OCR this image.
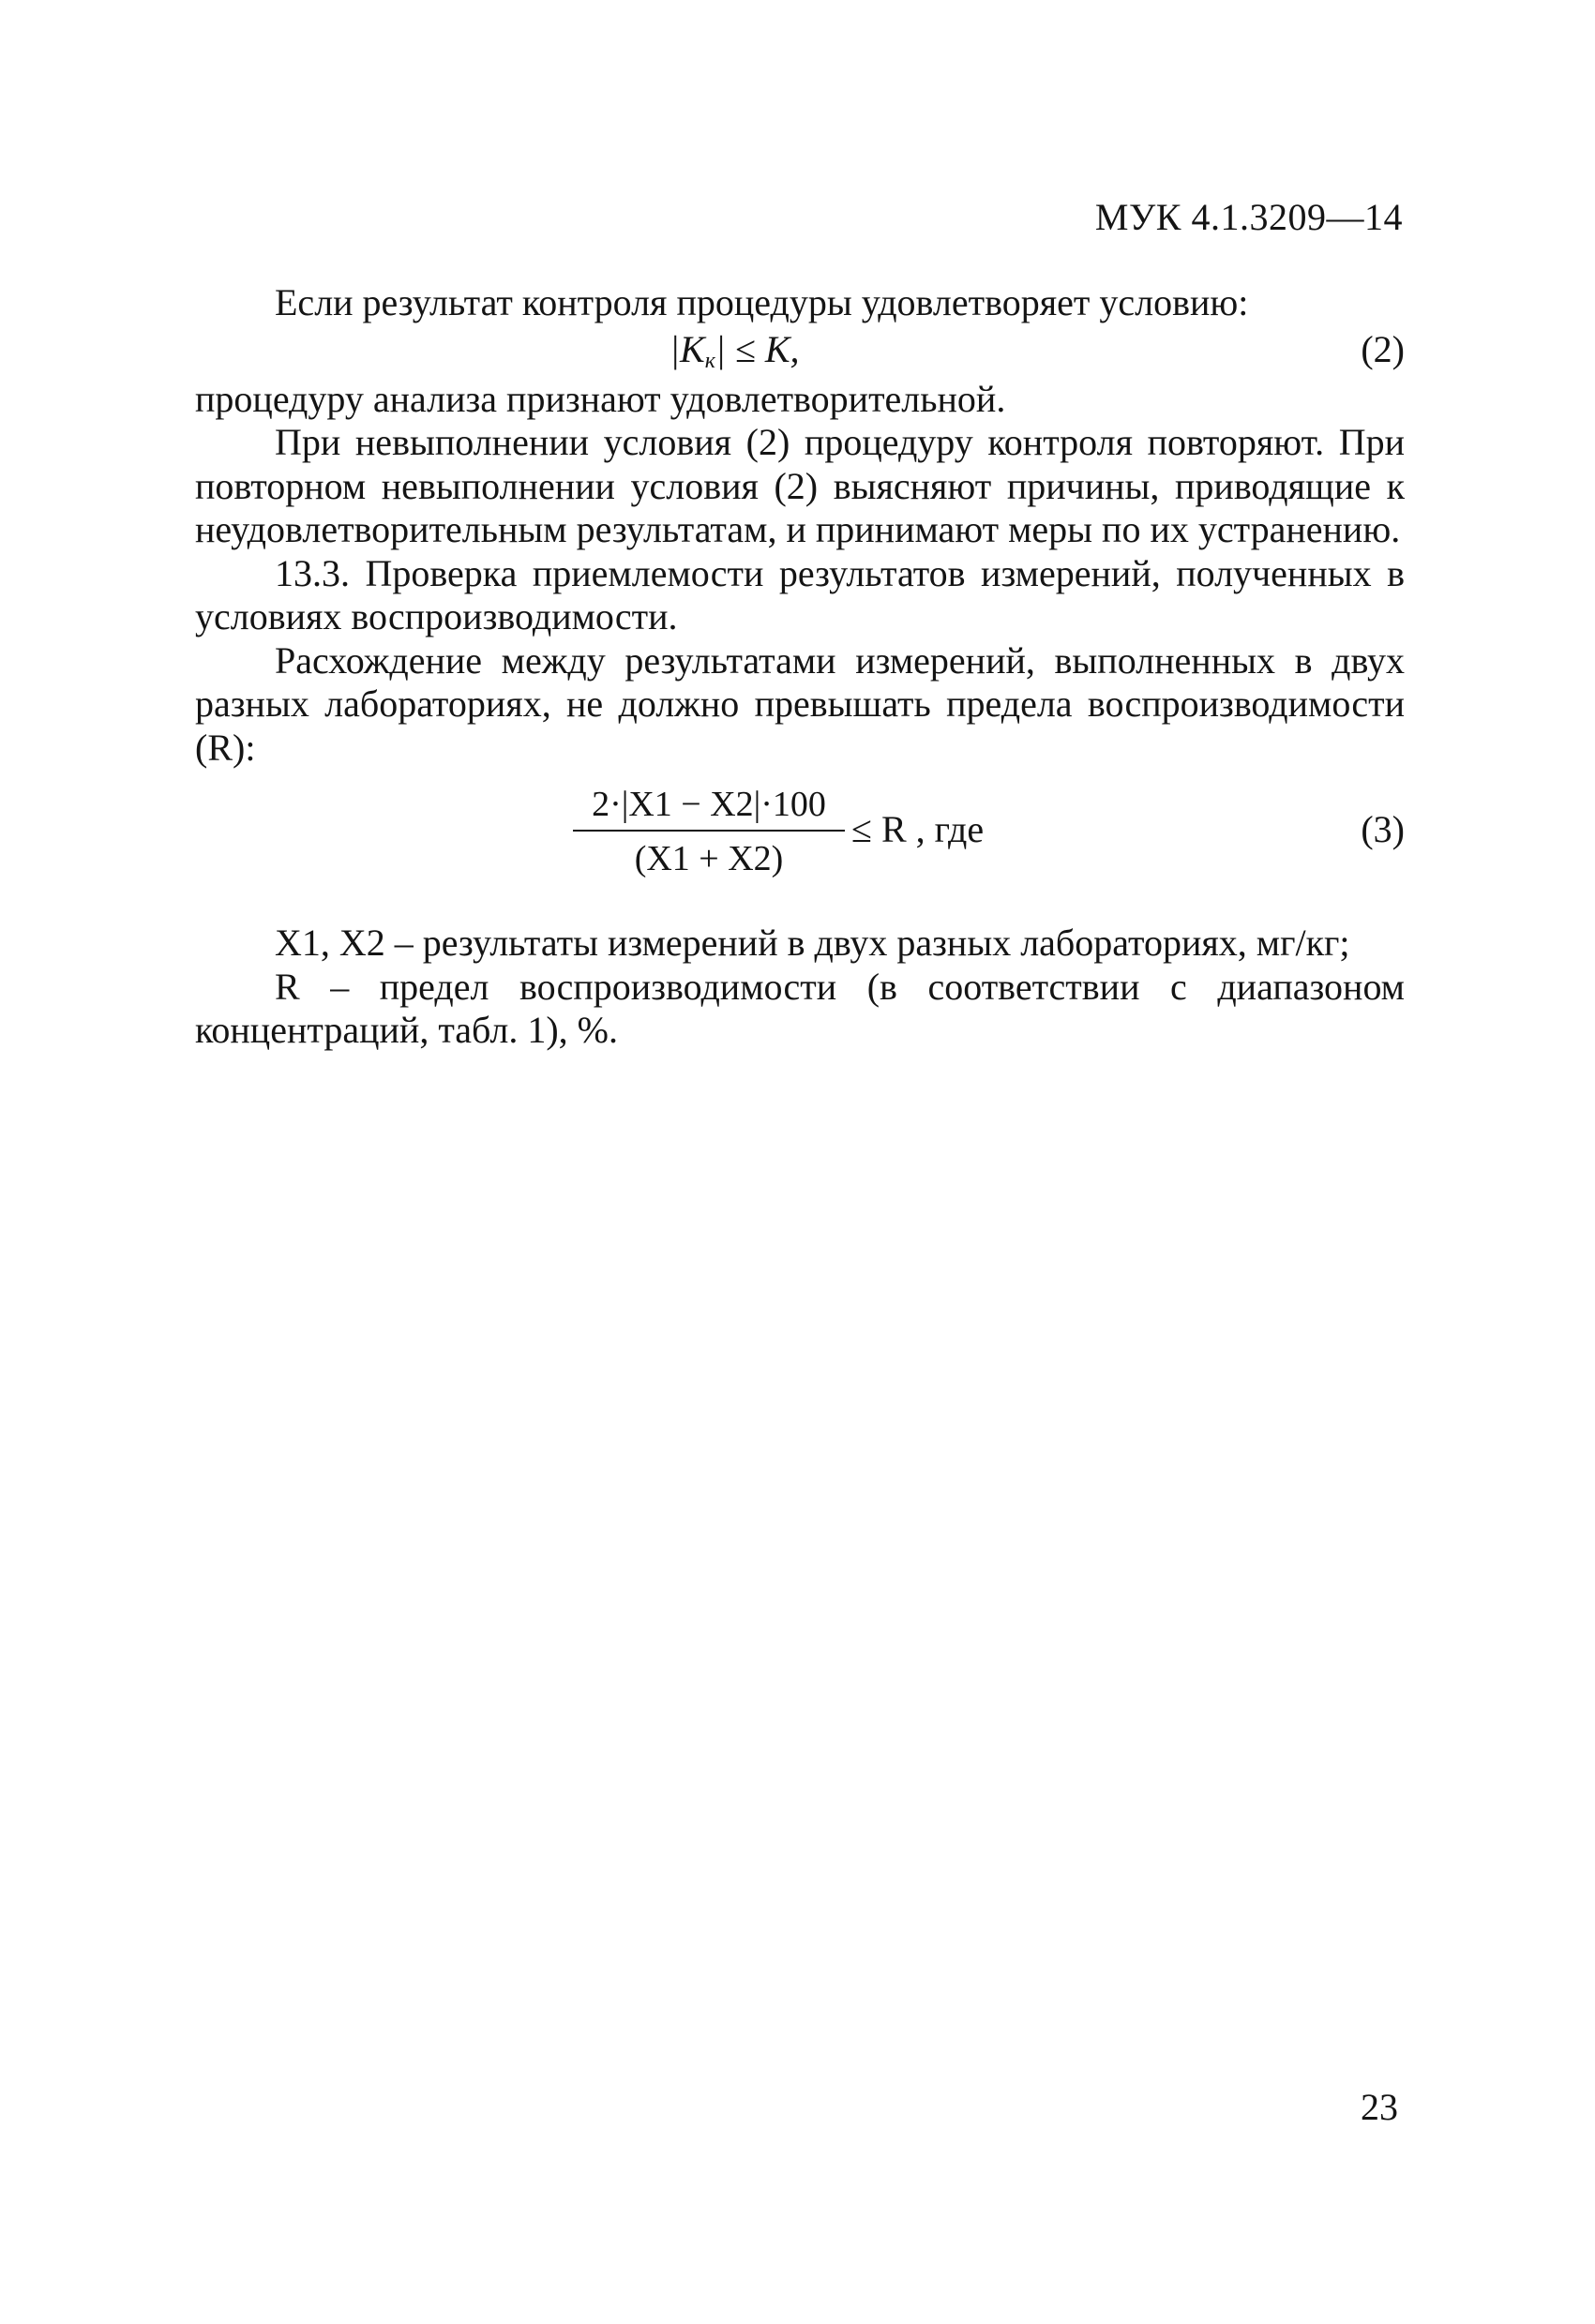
МУК 4.1.3209—14

Если результат контроля процедуры удовлетворяет условию:

$|K_к| \le K$,	(2)

процедуру анализа признают удовлетворительной.

При невыполнении условия (2) процедуру контроля повторяют. При повторном невыполнении условия (2) выясняют причины, приводящие к неудовлетворительным результатам, и принимают меры по их устранению.

13.3. Проверка приемлемости результатов измерений, полученных в условиях воспроизводимости.

Расхождение между результатами измерений, выполненных в двух разных лабораториях, не должно превышать предела воспроизводимости (R):

$\frac{2\cdot|X1 - X2|\cdot 100}{(X1 + X2)} \le R$ , где	(3)

X1, X2 – результаты измерений в двух разных лабораториях, мг/кг;

R – предел воспроизводимости (в соответствии с диапазоном концентраций, табл. 1), %.

23
